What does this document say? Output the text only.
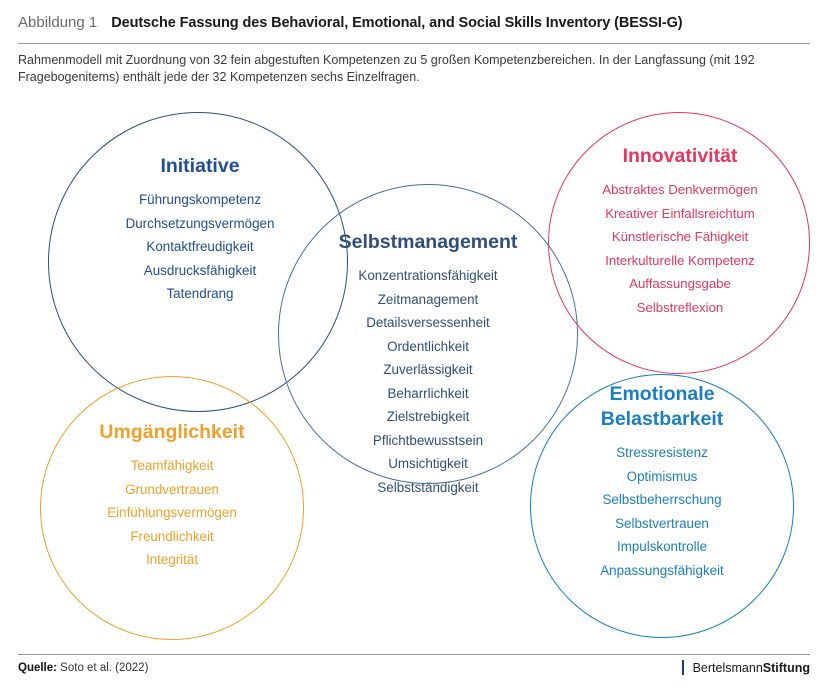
Abbildung 1 Deutsche Fassung des Behavioral, Emotional, and Social Skills Inventory (BESSI-G)
Rahmenmodell mit Zuordnung von 32 fein abgestuften Kompetenzen zu 5 großen Kompetenzbereichen. In der Langfassung (mit 192 Fragebogenitems) enthält jede der 32 Kompetenzen sechs Einzelfragen.
Initiative
Führungskompetenz
Durchsetzungsvermögen
Kontaktfreudigkeit
Ausdrucksfähigkeit
Tatendrang
Innovativität
Abstraktes Denkvermögen
Kreativer Einfallsreichtum
Künstlerische Fähigkeit
Interkulturelle Kompetenz
Auffassungsgabe
Selbstreflexion
Selbstmanagement
Konzentrationsfähigkeit
Zeitmanagement
Detailsversessenheit
Ordentlichkeit
Zuverlässigkeit
Beharrlichkeit
Zielstrebigkeit
Pflichtbewusstsein
Umsichtigkeit
Selbstständigkeit
Umgänglichkeit
Teamfähigkeit
Grundvertrauen
Einfühlungsvermögen
Freundlichkeit
Integrität
Emotionale
Belastbarkeit
Stressresistenz
Optimismus
Selbstbeherrschung
Selbstvertrauen
Impulskontrolle
Anpassungsfähigkeit
Quelle: Soto et al. (2022)	BertelsmannStiftung
